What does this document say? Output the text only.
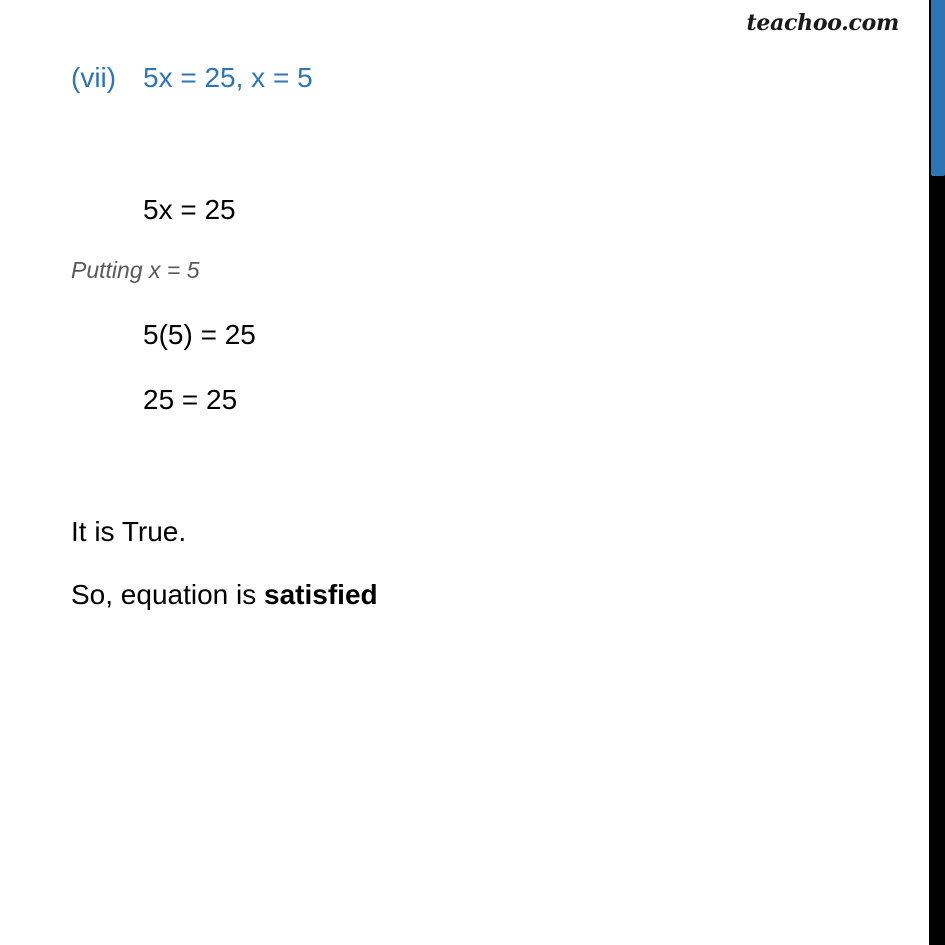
teachoo.com
(vii) 5x = 25, x = 5
5x = 25
Putting x = 5
5(5) = 25
25 = 25
It is True.
So, equation is satisfied
